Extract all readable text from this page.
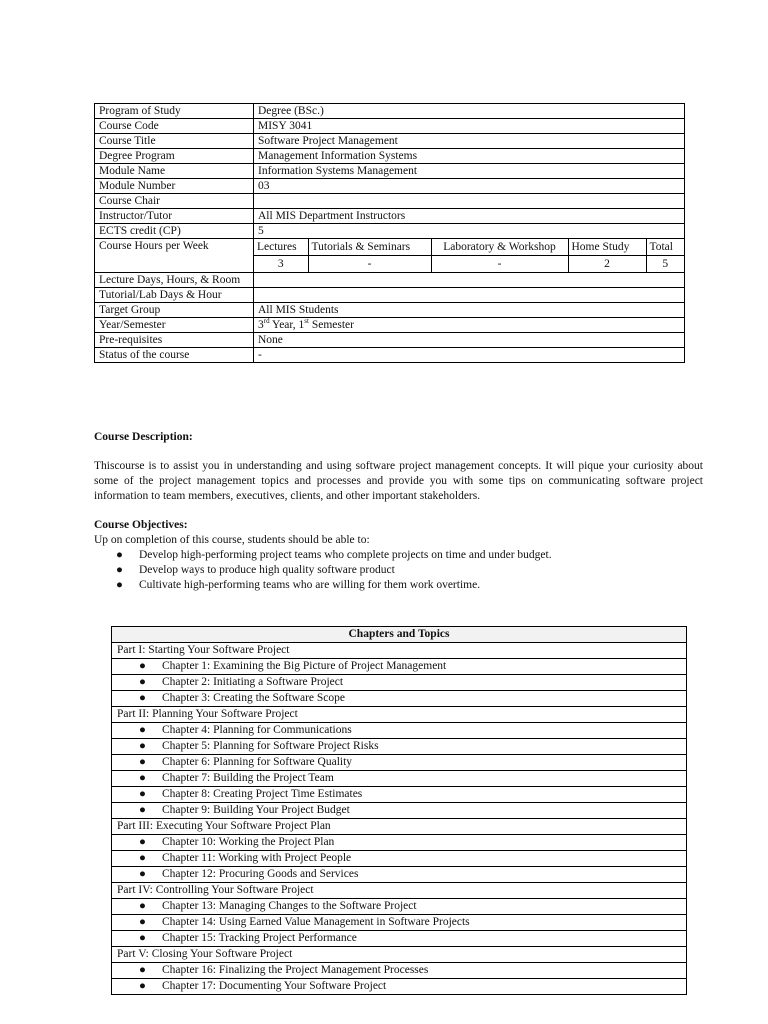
Program of Study	Degree (BSc.)
Course Code	MISY 3041
Course Title	Software Project Management
Degree Program	Management Information Systems
Module Name	Information Systems Management
Module Number	03
Course Chair	
Instructor/Tutor	All MIS Department Instructors
ECTS credit (CP)	5
Course Hours per Week		Lectures	Tutorials & Seminars	Laboratory & Workshop	Home Study	Total
3	-	-	2	5

Lecture Days, Hours, & Room	
Tutorial/Lab Days & Hour	
Target Group	All MIS Students
Year/Semester	3rd Year, 1st Semester
Pre-requisites	None
Status of the course	-
Course Description:
Thiscourse is to assist you in understanding and using software project management concepts. It will pique your curiosity about some of the project management topics and processes and provide you with some tips on communicating software project information to team members, executives, clients, and other important stakeholders.
Course Objectives:
Up on completion of this course, students should be able to:
● Develop high-performing project teams who complete projects on time and under budget.
● Develop ways to produce high quality software product
● Cultivate high-performing teams who are willing for them work overtime.
Chapters and Topics
Part I: Starting Your Software Project

● Chapter 1: Examining the Big Picture of Project Management

● Chapter 2: Initiating a Software Project

● Chapter 3: Creating the Software Scope
Part II: Planning Your Software Project

● Chapter 4: Planning for Communications

● Chapter 5: Planning for Software Project Risks

● Chapter 6: Planning for Software Quality

● Chapter 7: Building the Project Team

● Chapter 8: Creating Project Time Estimates

● Chapter 9: Building Your Project Budget
Part III: Executing Your Software Project Plan

● Chapter 10: Working the Project Plan

● Chapter 11: Working with Project People

● Chapter 12: Procuring Goods and Services
Part IV: Controlling Your Software Project

● Chapter 13: Managing Changes to the Software Project

● Chapter 14: Using Earned Value Management in Software Projects

● Chapter 15: Tracking Project Performance
Part V: Closing Your Software Project

● Chapter 16: Finalizing the Project Management Processes

● Chapter 17: Documenting Your Software Project
